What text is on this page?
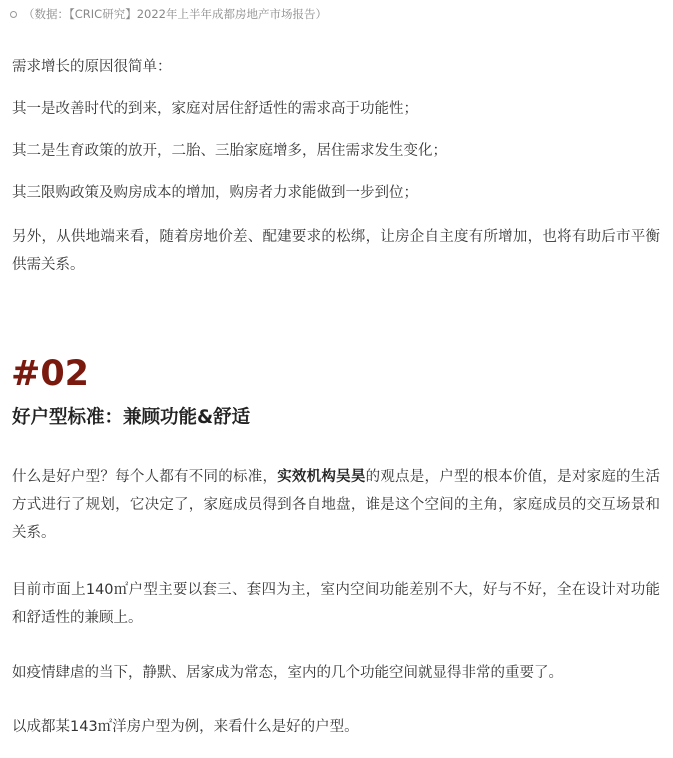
（数据：【CRIC研究】2022年上半年成都房地产市场报告）

需求增长的原因很简单：

其一是改善时代的到来，家庭对居住舒适性的需求高于功能性；

其二是生育政策的放开，二胎、三胎家庭增多，居住需求发生变化；

其三限购政策及购房成本的增加，购房者力求能做到一步到位；

另外，从供地端来看，随着房地价差、配建要求的松绑，让房企自主度有所增加，也将有助后市平衡供需关系。

#02
好户型标准：兼顾功能&舒适

什么是好户型？每个人都有不同的标准，实效机构吴昊的观点是，户型的根本价值，是对家庭的生活方式进行了规划，它决定了，家庭成员得到各自地盘，谁是这个空间的主角，家庭成员的交互场景和关系。

目前市面上140㎡户型主要以套三、套四为主，室内空间功能差别不大，好与不好，全在设计对功能和舒适性的兼顾上。

如疫情肆虐的当下，静默、居家成为常态，室内的几个功能空间就显得非常的重要了。

以成都某143㎡洋房户型为例，来看什么是好的户型。
